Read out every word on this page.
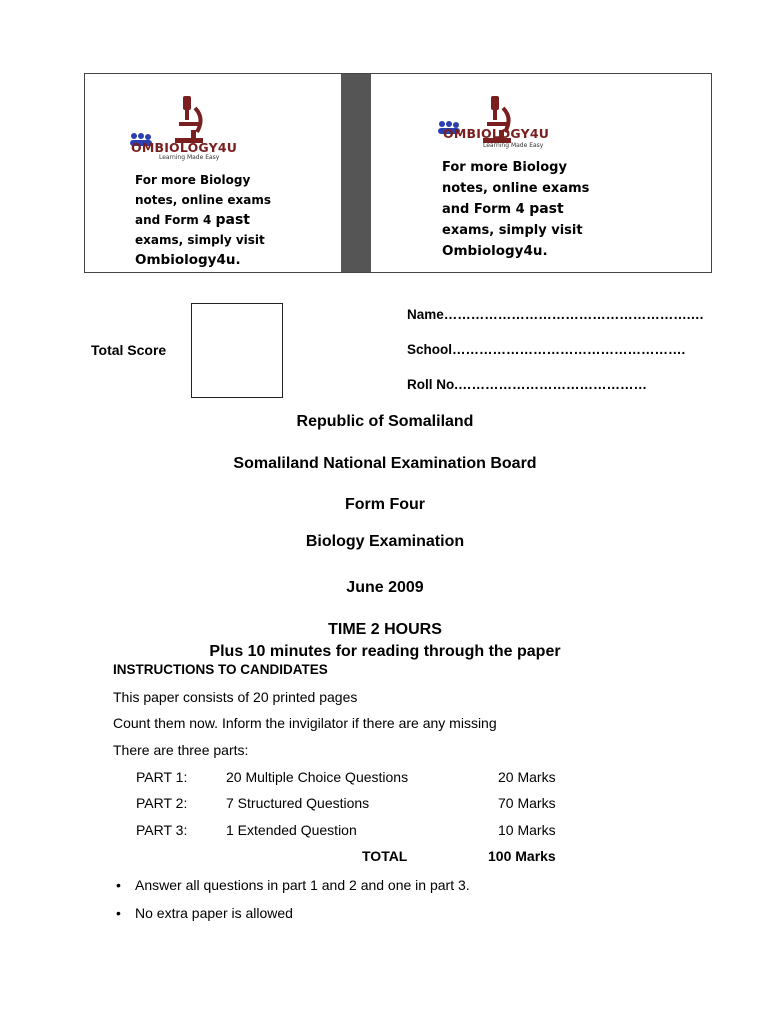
OMBIOLOGY4U
Learning Made Easy
For more Biology
notes, online exams
and Form 4 past
exams, simply visit
Ombiology4u.
OMBIOLOGY4U
Learning Made Easy
For more Biology
notes, online exams
and Form 4 past
exams, simply visit
Ombiology4u.
Total Score
Name……………………………………………….…
School…………………………………………….
Roll No.……………………………………
Republic of Somaliland
Somaliland National Examination Board
Form Four
Biology Examination
June 2009
TIME 2 HOURS
Plus 10 minutes for reading through the paper
INSTRUCTIONS TO CANDIDATES
This paper consists of 20 printed pages
Count them now. Inform the invigilator if there are any missing
There are three parts:
PART 1:	20 Multiple Choice Questions	20 Marks
PART 2:	7 Structured Questions	70 Marks
PART 3:	1 Extended Question	10 Marks
TOTAL	100 Marks
• Answer all questions in part 1 and 2 and one in part 3.
• No extra paper is allowed
